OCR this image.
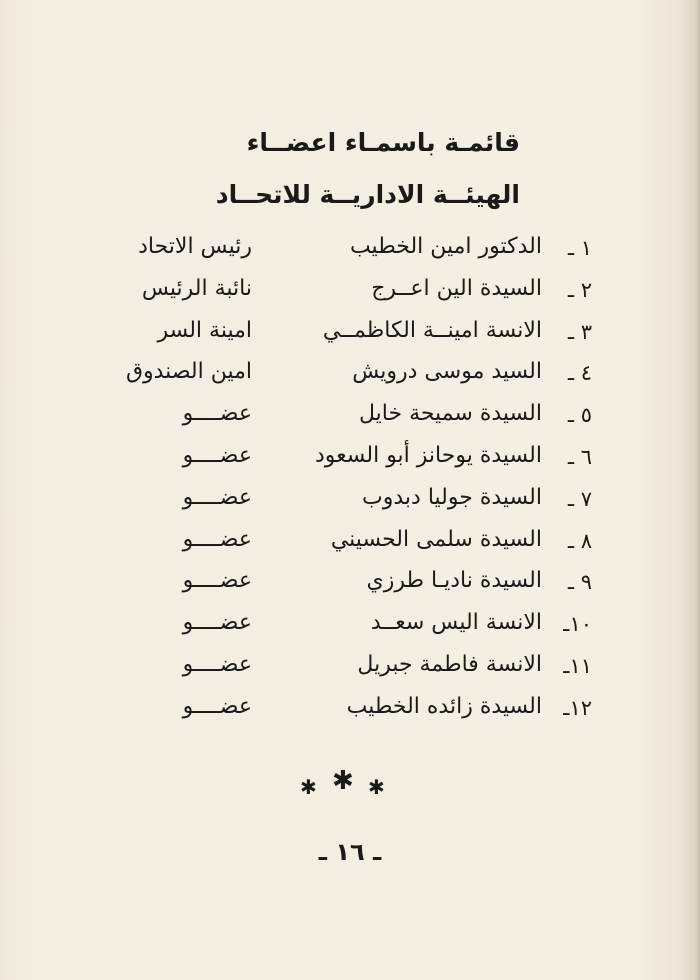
قائمـة باسمـاء اعضــاء
الهيئــة الاداريــة للاتحــاد
١ ـ
الدكتور امين الخطيب
رئيس الاتحاد
٢ ـ
السيدة الين اعــرج
نائبة الرئيس
٣ ـ
الانسة امينــة الكاظمــي
امينة السر
٤ ـ
السيد موسى درويش
امين الصندوق
٥ ـ
السيدة سميحة خايل
عضــــو
٦ ـ
السيدة يوحانز أبو السعود
عضــــو
٧ ـ
السيدة جوليا دبدوب
عضــــو
٨ ـ
السيدة سلمى الحسيني
عضــــو
٩ ـ
السيدة ناديـا طرزي
عضــــو
١٠ـ
الانسة اليس سعــد
عضــــو
١١ـ
الانسة فاطمة جبريل
عضــــو
١٢ـ
السيدة زائده الخطيب
عضــــو
✱ ✱ ✱
ـ ١٦ ـ
